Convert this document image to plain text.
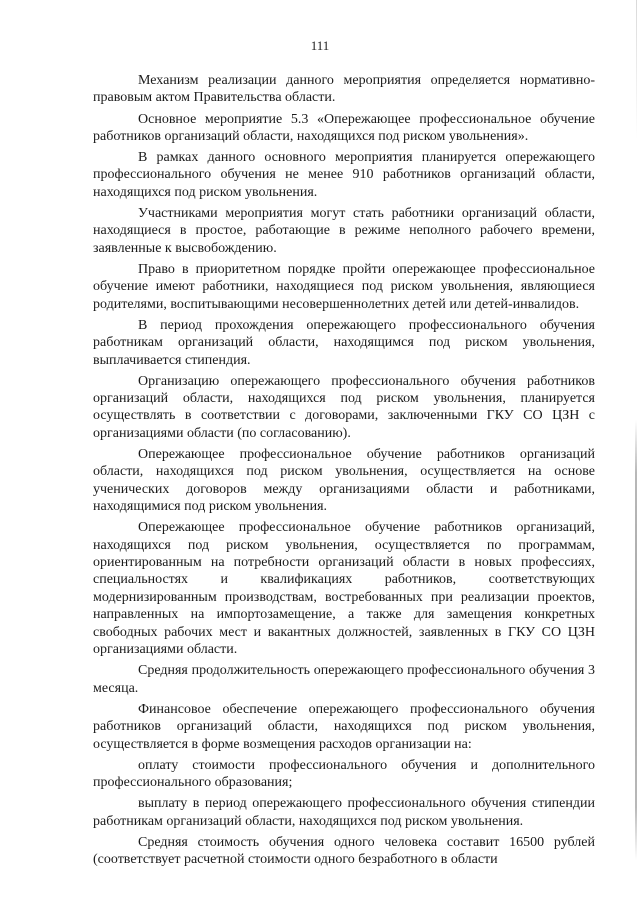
111

Механизм реализации данного мероприятия определяется нормативно-правовым актом Правительства области.

Основное мероприятие 5.3 «Опережающее профессиональное обучение работников организаций области, находящихся под риском увольнения».

В рамках данного основного мероприятия планируется опережающего профессионального обучения не менее 910 работников организаций области, находящихся под риском увольнения.

Участниками мероприятия могут стать работники организаций области, находящиеся в простое, работающие в режиме неполного рабочего времени, заявленные к высвобождению.

Право в приоритетном порядке пройти опережающее профессиональное обучение имеют работники, находящиеся под риском увольнения, являющиеся родителями, воспитывающими несовершеннолетних детей или детей-инвалидов.

В период прохождения опережающего профессионального обучения работникам организаций области, находящимся под риском увольнения, выплачивается стипендия.

Организацию опережающего профессионального обучения работников организаций области, находящихся под риском увольнения, планируется осуществлять в соответствии с договорами, заключенными ГКУ СО ЦЗН с организациями области (по согласованию).

Опережающее профессиональное обучение работников организаций области, находящихся под риском увольнения, осуществляется на основе ученических договоров между организациями области и работниками, находящимися под риском увольнения.

Опережающее профессиональное обучение работников организаций, находящихся под риском увольнения, осуществляется по программам, ориентированным на потребности организаций области в новых профессиях, специальностях и квалификациях работников, соответствующих модернизированным производствам, востребованных при реализации проектов, направленных на импортозамещение, а также для замещения конкретных свободных рабочих мест и вакантных должностей, заявленных в ГКУ СО ЦЗН организациями области.

Средняя продолжительность опережающего профессионального обучения 3 месяца.

Финансовое обеспечение опережающего профессионального обучения работников организаций области, находящихся под риском увольнения, осуществляется в форме возмещения расходов организации на:

оплату стоимости профессионального обучения и дополнительного профессионального образования;

выплату в период опережающего профессионального обучения стипендии работникам организаций области, находящихся под риском увольнения.

Средняя стоимость обучения одного человека составит 16500 рублей (соответствует расчетной стоимости одного безработного в области
